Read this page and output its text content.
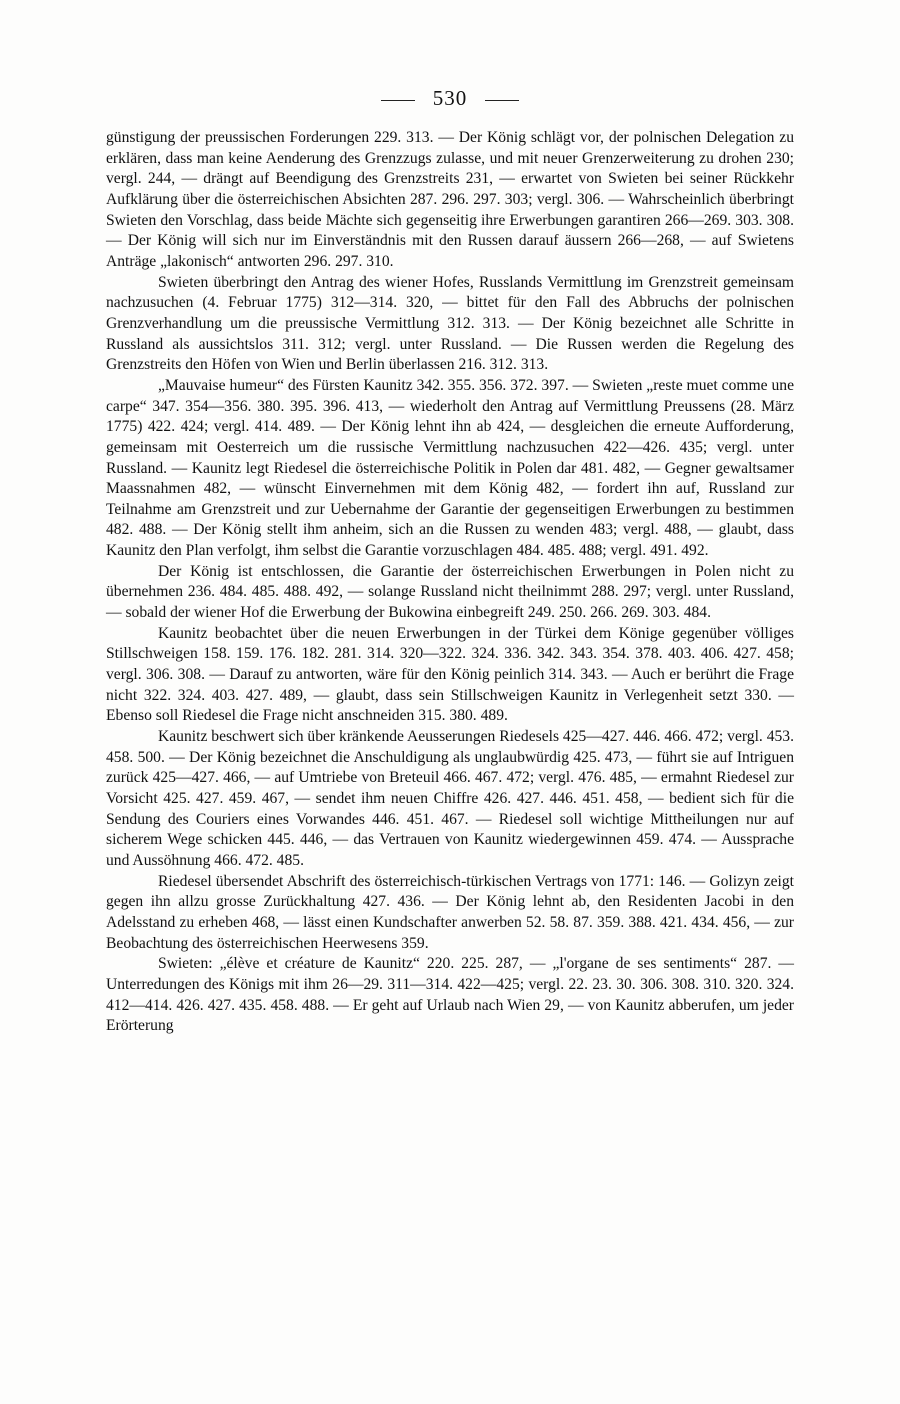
530

günstigung der preussischen Forderungen 229. 313. — Der König schlägt vor, der polnischen Delegation zu erklären, dass man keine Aenderung des Grenzzugs zulasse, und mit neuer Grenzerweiterung zu drohen 230; vergl. 244, — drängt auf Beendigung des Grenzstreits 231, — erwartet von Swieten bei seiner Rückkehr Aufklärung über die österreichischen Absichten 287. 296. 297. 303; vergl. 306. — Wahrscheinlich überbringt Swieten den Vorschlag, dass beide Mächte sich gegenseitig ihre Erwerbungen garantiren 266—269. 303. 308. — Der König will sich nur im Einverständnis mit den Russen darauf äussern 266—268, — auf Swietens Anträge „lakonisch“ antworten 296. 297. 310.

Swieten überbringt den Antrag des wiener Hofes, Russlands Vermittlung im Grenzstreit gemeinsam nachzusuchen (4. Februar 1775) 312—314. 320, — bittet für den Fall des Abbruchs der polnischen Grenzverhandlung um die preussische Vermittlung 312. 313. — Der König bezeichnet alle Schritte in Russland als aussichtslos 311. 312; vergl. unter Russland. — Die Russen werden die Regelung des Grenzstreits den Höfen von Wien und Berlin überlassen 216. 312. 313.

„Mauvaise humeur“ des Fürsten Kaunitz 342. 355. 356. 372. 397. — Swieten „reste muet comme une carpe“ 347. 354—356. 380. 395. 396. 413, — wiederholt den Antrag auf Vermittlung Preussens (28. März 1775) 422. 424; vergl. 414. 489. — Der König lehnt ihn ab 424, — desgleichen die erneute Aufforderung, gemeinsam mit Oesterreich um die russische Vermittlung nachzusuchen 422—426. 435; vergl. unter Russland. — Kaunitz legt Riedesel die österreichische Politik in Polen dar 481. 482, — Gegner gewaltsamer Maassnahmen 482, — wünscht Einvernehmen mit dem König 482, — fordert ihn auf, Russland zur Teilnahme am Grenzstreit und zur Uebernahme der Garantie der gegenseitigen Erwerbungen zu bestimmen 482. 488. — Der König stellt ihm anheim, sich an die Russen zu wenden 483; vergl. 488, — glaubt, dass Kaunitz den Plan verfolgt, ihm selbst die Garantie vorzuschlagen 484. 485. 488; vergl. 491. 492.

Der König ist entschlossen, die Garantie der österreichischen Erwerbungen in Polen nicht zu übernehmen 236. 484. 485. 488. 492, — solange Russland nicht theilnimmt 288. 297; vergl. unter Russland, — sobald der wiener Hof die Erwerbung der Bukowina einbegreift 249. 250. 266. 269. 303. 484.

Kaunitz beobachtet über die neuen Erwerbungen in der Türkei dem Könige gegenüber völliges Stillschweigen 158. 159. 176. 182. 281. 314. 320—322. 324. 336. 342. 343. 354. 378. 403. 406. 427. 458; vergl. 306. 308. — Darauf zu antworten, wäre für den König peinlich 314. 343. — Auch er berührt die Frage nicht 322. 324. 403. 427. 489, — glaubt, dass sein Stillschweigen Kaunitz in Verlegenheit setzt 330. — Ebenso soll Riedesel die Frage nicht anschneiden 315. 380. 489.

Kaunitz beschwert sich über kränkende Aeusserungen Riedesels 425—427. 446. 466. 472; vergl. 453. 458. 500. — Der König bezeichnet die Anschuldigung als unglaubwürdig 425. 473, — führt sie auf Intriguen zurück 425—427. 466, — auf Umtriebe von Breteuil 466. 467. 472; vergl. 476. 485, — ermahnt Riedesel zur Vorsicht 425. 427. 459. 467, — sendet ihm neuen Chiffre 426. 427. 446. 451. 458, — bedient sich für die Sendung des Couriers eines Vorwandes 446. 451. 467. — Riedesel soll wichtige Mittheilungen nur auf sicherem Wege schicken 445. 446, — das Vertrauen von Kaunitz wiedergewinnen 459. 474. — Aussprache und Aussöhnung 466. 472. 485.

Riedesel übersendet Abschrift des österreichisch-türkischen Vertrags von 1771: 146. — Golizyn zeigt gegen ihn allzu grosse Zurückhaltung 427. 436. — Der König lehnt ab, den Residenten Jacobi in den Adelsstand zu erheben 468, — lässt einen Kundschafter anwerben 52. 58. 87. 359. 388. 421. 434. 456, — zur Beobachtung des österreichischen Heerwesens 359.

Swieten: „élève et créature de Kaunitz“ 220. 225. 287, — „l'organe de ses sentiments“ 287. — Unterredungen des Königs mit ihm 26—29. 311—314. 422—425; vergl. 22. 23. 30. 306. 308. 310. 320. 324. 412—414. 426. 427. 435. 458. 488. — Er geht auf Urlaub nach Wien 29, — von Kaunitz abberufen, um jeder Erörterung
